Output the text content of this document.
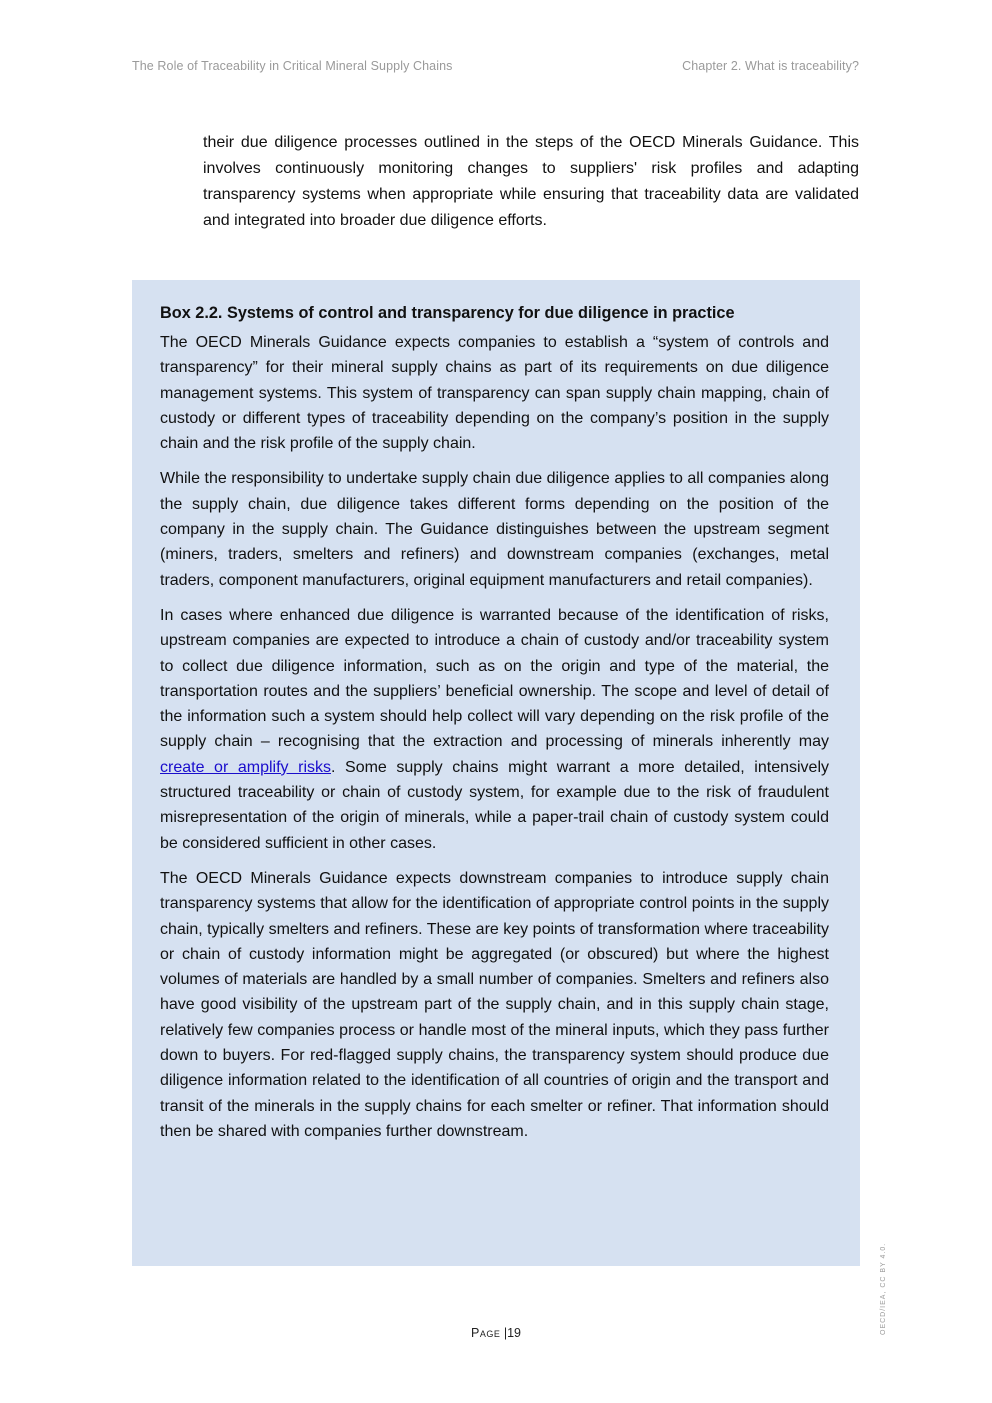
The Role of Traceability in Critical Mineral Supply Chains	Chapter 2. What is traceability?

their due diligence processes outlined in the steps of the OECD Minerals Guidance. This involves continuously monitoring changes to suppliers' risk profiles and adapting transparency systems when appropriate while ensuring that traceability data are validated and integrated into broader due diligence efforts.

Box 2.2. Systems of control and transparency for due diligence in practice

The OECD Minerals Guidance expects companies to establish a “system of controls and transparency” for their mineral supply chains as part of its requirements on due diligence management systems. This system of transparency can span supply chain mapping, chain of custody or different types of traceability depending on the company’s position in the supply chain and the risk profile of the supply chain.

While the responsibility to undertake supply chain due diligence applies to all companies along the supply chain, due diligence takes different forms depending on the position of the company in the supply chain. The Guidance distinguishes between the upstream segment (miners, traders, smelters and refiners) and downstream companies (exchanges, metal traders, component manufacturers, original equipment manufacturers and retail companies).

In cases where enhanced due diligence is warranted because of the identification of risks, upstream companies are expected to introduce a chain of custody and/or traceability system to collect due diligence information, such as on the origin and type of the material, the transportation routes and the suppliers’ beneficial ownership. The scope and level of detail of the information such a system should help collect will vary depending on the risk profile of the supply chain – recognising that the extraction and processing of minerals inherently may create or amplify risks. Some supply chains might warrant a more detailed, intensively structured traceability or chain of custody system, for example due to the risk of fraudulent misrepresentation of the origin of minerals, while a paper-trail chain of custody system could be considered sufficient in other cases.

The OECD Minerals Guidance expects downstream companies to introduce supply chain transparency systems that allow for the identification of appropriate control points in the supply chain, typically smelters and refiners. These are key points of transformation where traceability or chain of custody information might be aggregated (or obscured) but where the highest volumes of materials are handled by a small number of companies. Smelters and refiners also have good visibility of the upstream part of the supply chain, and in this supply chain stage, relatively few companies process or handle most of the mineral inputs, which they pass further down to buyers. For red-flagged supply chains, the transparency system should produce due diligence information related to the identification of all countries of origin and the transport and transit of the minerals in the supply chains for each smelter or refiner. That information should then be shared with companies further downstream.

Page |19	OECD/IEA, CC BY 4.0.
